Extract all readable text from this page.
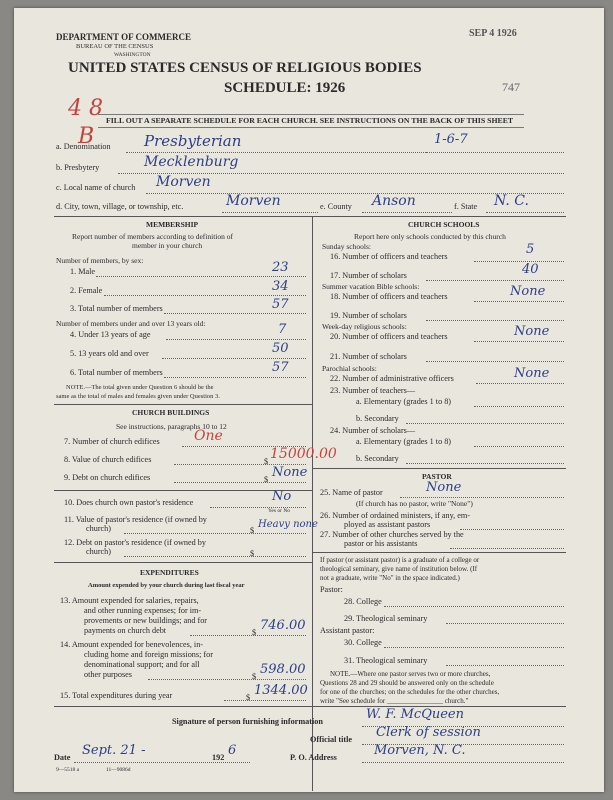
DEPARTMENT OF COMMERCE
BUREAU OF THE CENSUS
WASHINGTON
UNITED STATES CENSUS OF RELIGIOUS BODIES
SCHEDULE: 1926
SEP 4 1926
747
4 8
B
FILL OUT A SEPARATE SCHEDULE FOR EACH CHURCH. SEE INSTRUCTIONS ON THE BACK OF THIS SHEET
a. Denomination Presbyterian	1-6-7
b. Presbytery	Mecklenburg
c. Local name of church Morven
d. City, town, village, or township, etc.	Morven	e. County Anson	f. State N. C.
MEMBERSHIP
Report number of members according to definition of
member in your church
Number of members, by sex:
1. Male	23
2. Female	34
3. Total number of members	57
Number of members under and over 13 years old:
4. Under 13 years of age	7
5. 13 years old and over	50
6. Total number of members	57
NOTE.—The total given under Question 6 should be the
same as the total of males and females given under Question 3.
CHURCH BUILDINGS
See instructions, paragraphs 10 to 12
7. Number of church edifices One
8. Value of church edifices	$ 15000.00
9. Debt on church edifices	$ None
10. Does church own pastor's residence	No
Yes or No
11. Value of pastor's residence (if owned by
church)	$
Heavy none
12. Debt on pastor's residence (if owned by
church)	$
EXPENDITURES
Amount expended by your church during last fiscal year
13. Amount expended for salaries, repairs,
and other running expenses; for im-
provements or new buildings; and for
payments on church debt	$ 746.00
14. Amount expended for benevolences, in-
cluding home and foreign missions; for
denominational support; and for all
other purposes	$ 598.00
15. Total expenditures during year	$ 1344.00
CHURCH SCHOOLS
Report here only schools conducted by this church
Sunday schools:
16. Number of officers and teachers	5
17. Number of scholars	40
Summer vacation Bible schools:
18. Number of officers and teachers	None
19. Number of scholars
Week-day religious schools:
20. Number of officers and teachers	None
21. Number of scholars
Parochial schools:
22. Number of administrative officers	None
23. Number of teachers—
a. Elementary (grades 1 to 8)
b. Secondary
24. Number of scholars—
a. Elementary (grades 1 to 8)
b. Secondary
PASTOR
25. Name of pastor	None
(If church has no pastor, write "None")
26. Number of ordained ministers, if any, em-
ployed as assistant pastors
27. Number of other churches served by the
pastor or his assistants
If pastor (or assistant pastor) is a graduate of a college or
theological seminary, give name of institution below. (If
not a graduate, write "No" in the space indicated.)
Pastor:
28. College
29. Theological seminary
Assistant pastor:
30. College
31. Theological seminary
NOTE.—Where one pastor serves two or more churches,
Questions 28 and 29 should be answered only on the schedule
for one of the churches; on the schedules for the other churches,
write "See schedule for ________________ church."
Signature of person furnishing information	W. F. McQueen
Official title Clerk of session
Date Sept. 21 -	192 6	P. O. Address	Morven, N. C.
9—5518 a	11—9086d
